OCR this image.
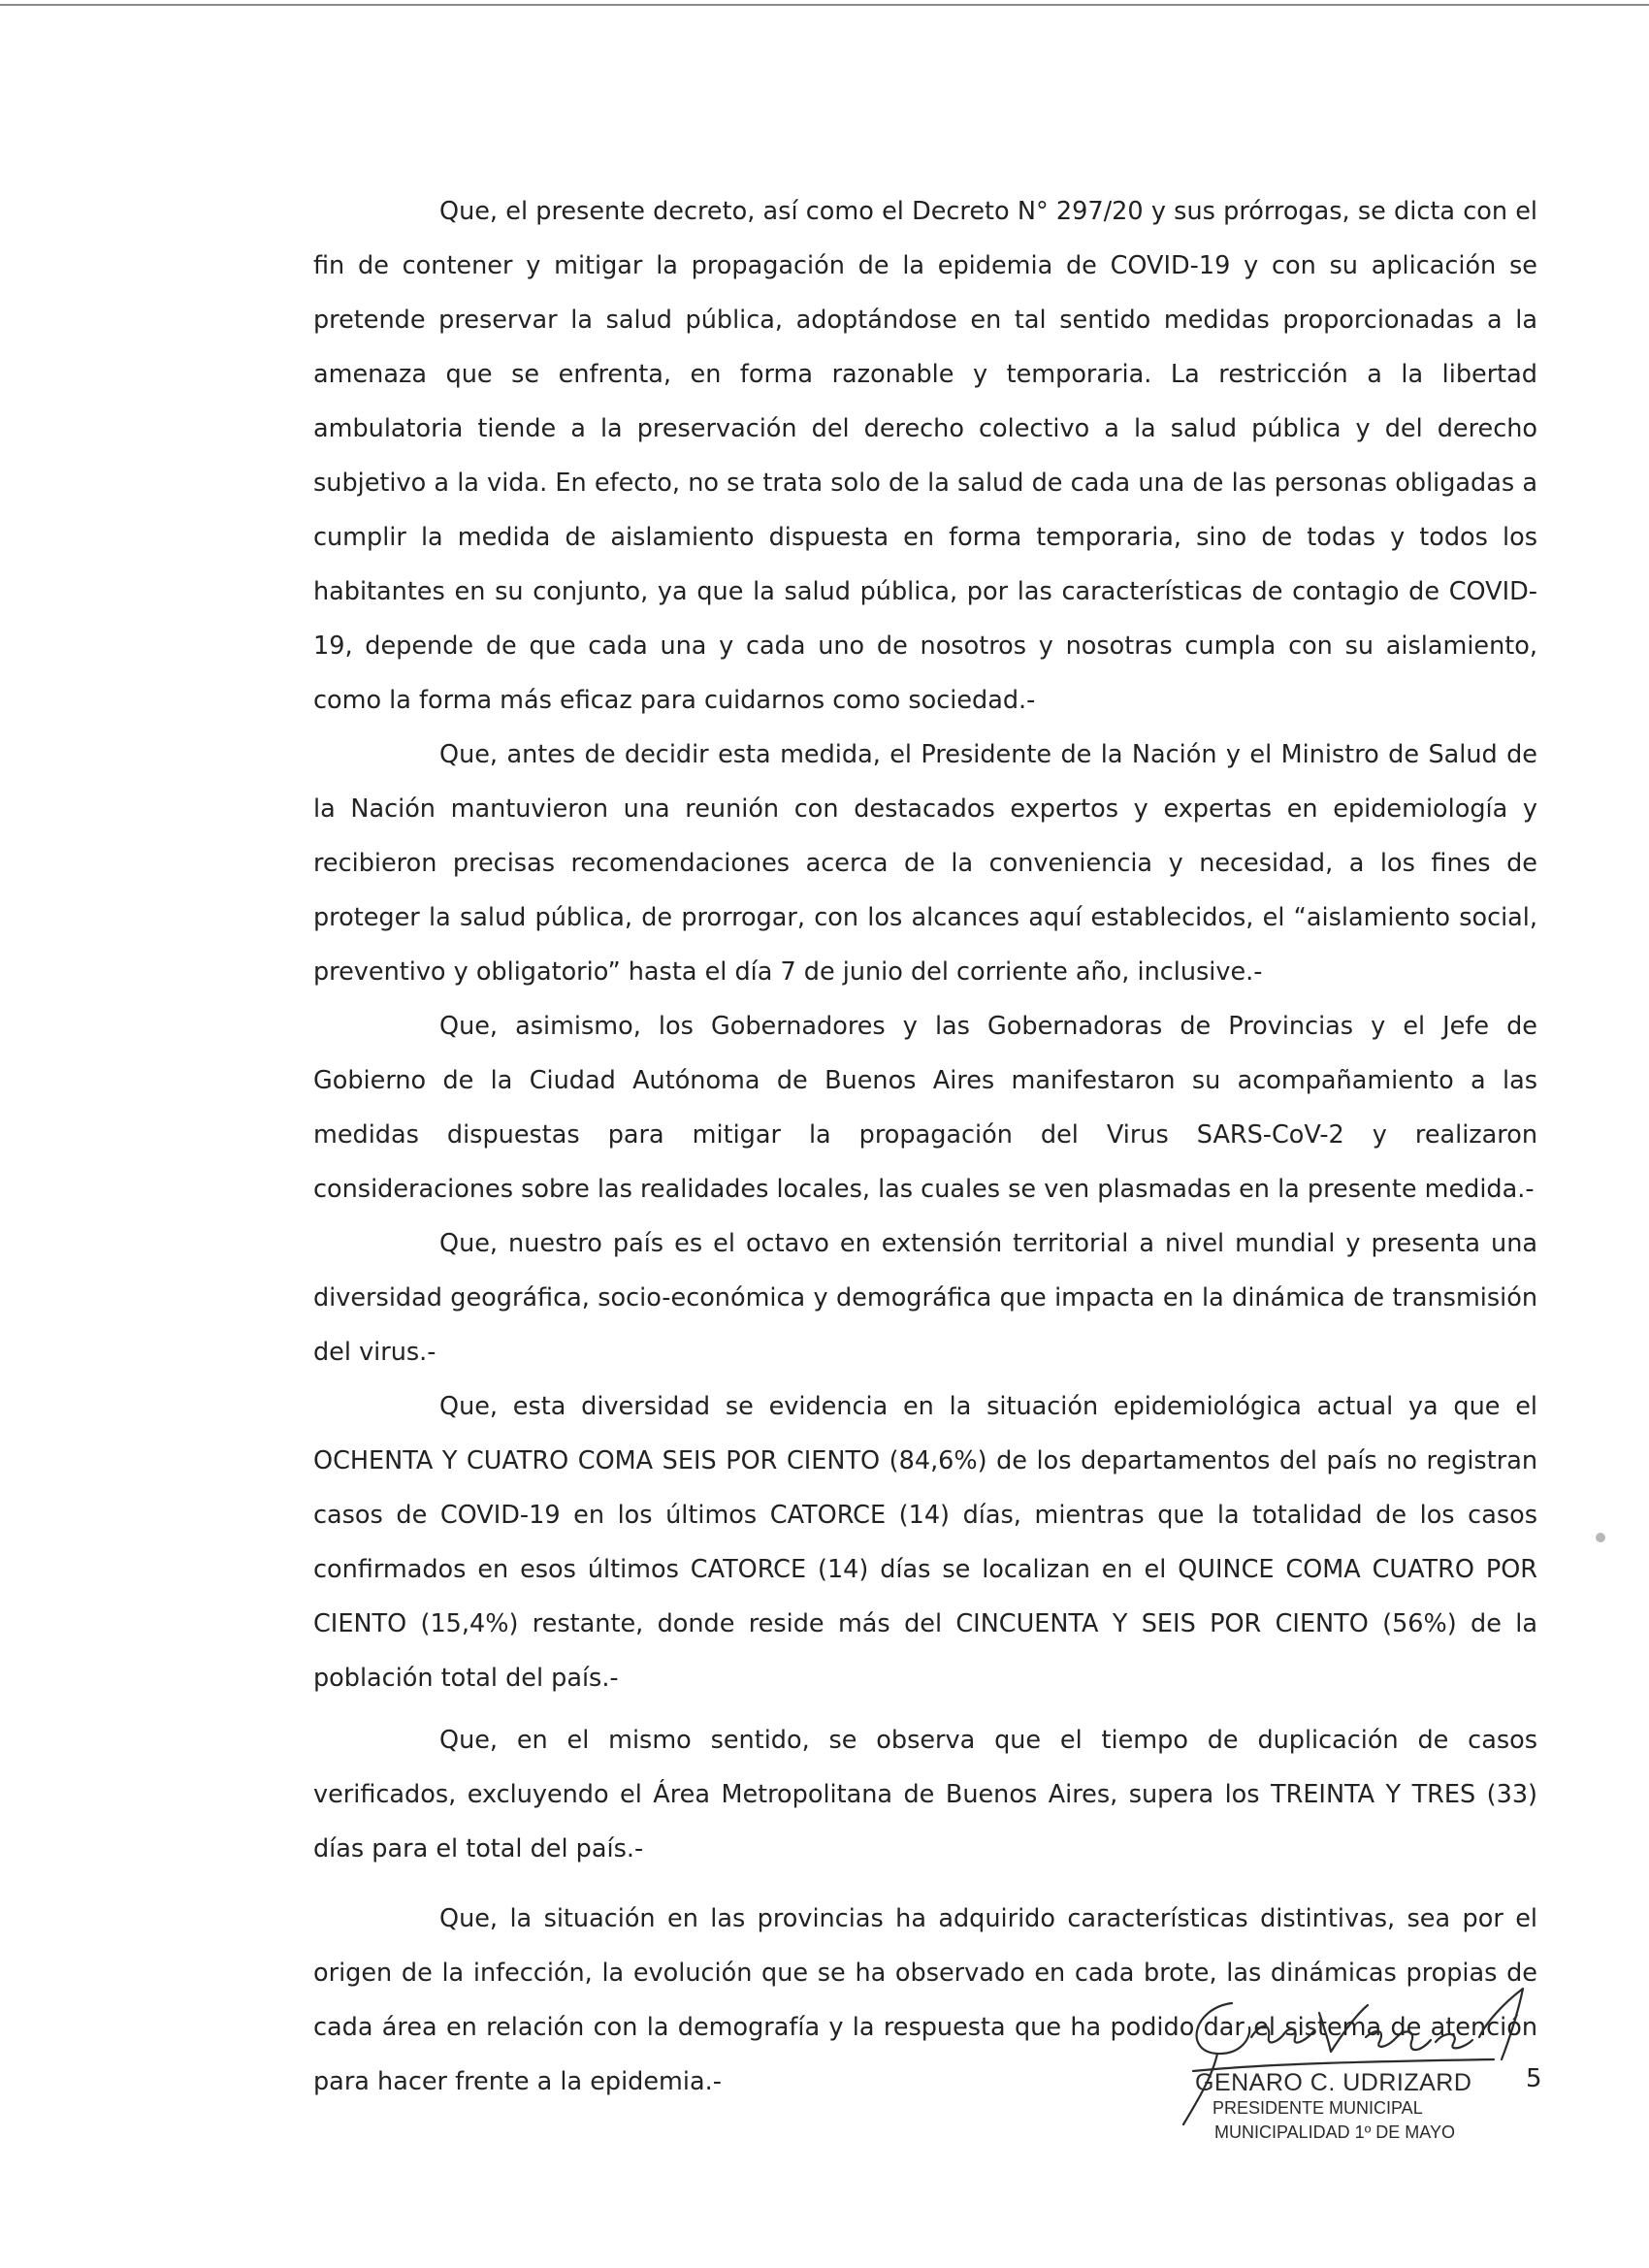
Que, el presente decreto, así como el Decreto N° 297/20 y sus prórrogas, se dicta con el fin de contener y mitigar la propagación de la epidemia de COVID-19 y con su aplicación se pretende preservar la salud pública, adoptándose en tal sentido medidas proporcionadas a la amenaza que se enfrenta, en forma razonable y temporaria. La restricción a la libertad ambulatoria tiende a la preservación del derecho colectivo a la salud pública y del derecho subjetivo a la vida. En efecto, no se trata solo de la salud de cada una de las personas obligadas a cumplir la medida de aislamiento dispuesta en forma temporaria, sino de todas y todos los habitantes en su conjunto, ya que la salud pública, por las características de contagio de COVID-19, depende de que cada una y cada uno de nosotros y nosotras cumpla con su aislamiento, como la forma más eficaz para cuidarnos como sociedad.-

Que, antes de decidir esta medida, el Presidente de la Nación y el Ministro de Salud de la Nación mantuvieron una reunión con destacados expertos y expertas en epidemiología y recibieron precisas recomendaciones acerca de la conveniencia y necesidad, a los fines de proteger la salud pública, de prorrogar, con los alcances aquí establecidos, el “aislamiento social, preventivo y obligatorio” hasta el día 7 de junio del corriente año, inclusive.-

Que, asimismo, los Gobernadores y las Gobernadoras de Provincias y el Jefe de Gobierno de la Ciudad Autónoma de Buenos Aires manifestaron su acompañamiento a las medidas dispuestas para mitigar la propagación del Virus SARS-CoV-2 y realizaron consideraciones sobre las realidades locales, las cuales se ven plasmadas en la presente medida.-

Que, nuestro país es el octavo en extensión territorial a nivel mundial y presenta una diversidad geográfica, socio-económica y demográfica que impacta en la dinámica de transmisión del virus.-

Que, esta diversidad se evidencia en la situación epidemiológica actual ya que el OCHENTA Y CUATRO COMA SEIS POR CIENTO (84,6%) de los departamentos del país no registran casos de COVID-19 en los últimos CATORCE (14) días, mientras que la totalidad de los casos confirmados en esos últimos CATORCE (14) días se localizan en el QUINCE COMA CUATRO POR CIENTO (15,4%) restante, donde reside más del CINCUENTA Y SEIS POR CIENTO (56%) de la población total del país.-

Que, en el mismo sentido, se observa que el tiempo de duplicación de casos verificados, excluyendo el Área Metropolitana de Buenos Aires, supera los TREINTA Y TRES (33) días para el total del país.-

Que, la situación en las provincias ha adquirido características distintivas, sea por el origen de la infección, la evolución que se ha observado en cada brote, las dinámicas propias de cada área en relación con la demografía y la respuesta que ha podido dar el sistema de atención para hacer frente a la epidemia.-	GENARO C. UDRIZARD
PRESIDENTE MUNICIPAL
MUNICIPALIDAD 1º DE MAYO
5
